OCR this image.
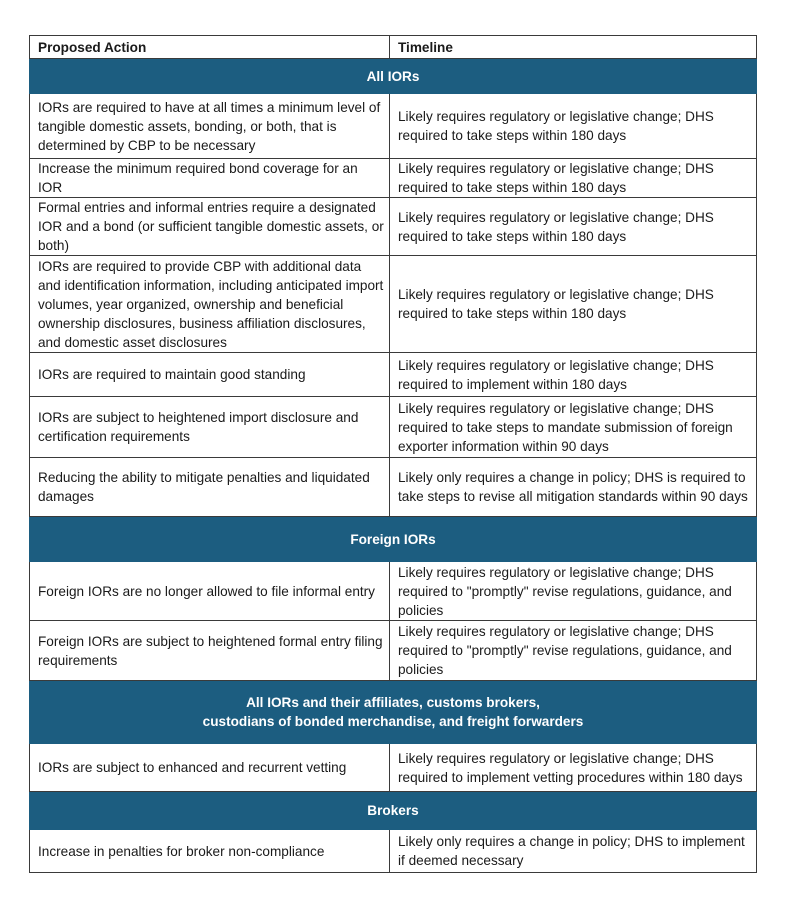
Proposed Action	Timeline
All IORs	
IORs are required to have at all times a minimum level of tangible domestic assets, bonding, or both, that is determined by CBP to be necessary	Likely requires regulatory or legislative change; DHS required to take steps within 180 days
Increase the minimum required bond coverage for an IOR	Likely requires regulatory or legislative change; DHS required to take steps within 180 days
Formal entries and informal entries require a designated IOR and a bond (or sufficient tangible domestic assets, or both)	Likely requires regulatory or legislative change; DHS required to take steps within 180 days
IORs are required to provide CBP with additional data and identification information, including anticipated import volumes, year organized, ownership and beneficial ownership disclosures, business affiliation disclosures, and domestic asset disclosures	Likely requires regulatory or legislative change; DHS required to take steps within 180 days
IORs are required to maintain good standing	Likely requires regulatory or legislative change; DHS required to implement within 180 days
IORs are subject to heightened import disclosure and certification requirements	Likely requires regulatory or legislative change; DHS required to take steps to mandate submission of foreign exporter information within 90 days
Reducing the ability to mitigate penalties and liquidated damages	Likely only requires a change in policy; DHS is required to take steps to revise all mitigation standards within 90 days
Foreign IORs	
Foreign IORs are no longer allowed to file informal entry	Likely requires regulatory or legislative change; DHS required to "promptly" revise regulations, guidance, and policies
Foreign IORs are subject to heightened formal entry filing requirements	Likely requires regulatory or legislative change; DHS required to "promptly" revise regulations, guidance, and policies

All IORs and their affiliates, customs brokers,
custodians of bonded merchandise, and freight forwarders	

IORs are subject to enhanced and recurrent vetting	Likely requires regulatory or legislative change; DHS required to implement vetting procedures within 180 days
Brokers	
Increase in penalties for broker non-compliance	Likely only requires a change in policy; DHS to implement if deemed necessary
